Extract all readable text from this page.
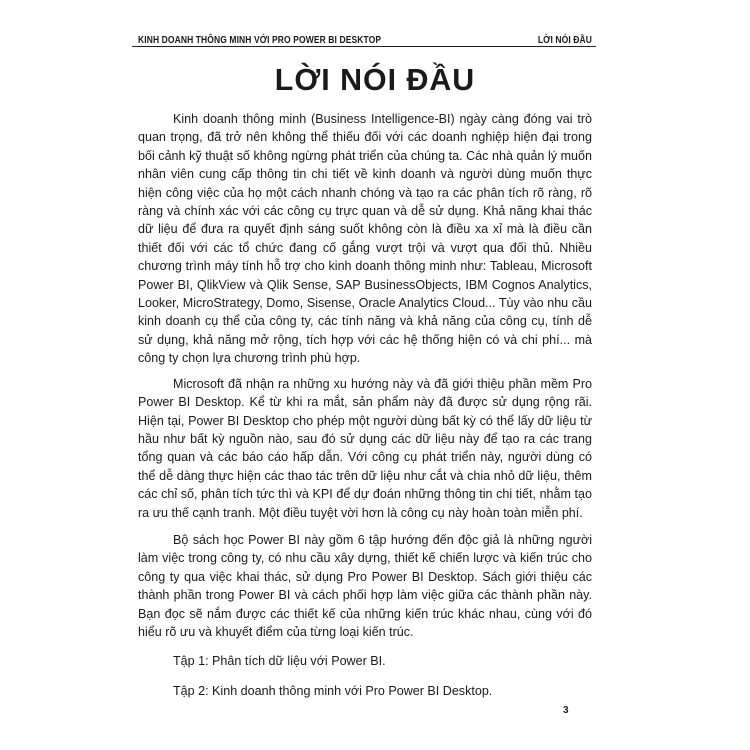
KINH DOANH THÔNG MINH VỚI PRO POWER BI DESKTOP	LỜI NÓI ĐẦU
LỜI NÓI ĐẦU

Kinh doanh thông minh (Business Intelligence-BI) ngày càng đóng vai trò quan trọng, đã trở nên không thể thiếu đối với các doanh nghiệp hiện đại trong bối cảnh kỹ thuật số không ngừng phát triển của chúng ta. Các nhà quản lý muốn nhân viên cung cấp thông tin chi tiết về kinh doanh và người dùng muốn thực hiện công việc của họ một cách nhanh chóng và tạo ra các phân tích rõ ràng, rõ ràng và chính xác với các công cụ trực quan và dễ sử dụng. Khả năng khai thác dữ liệu để đưa ra quyết định sáng suốt không còn là điều xa xỉ mà là điều cần thiết đối với các tổ chức đang cố gắng vượt trội và vượt qua đối thủ. Nhiều chương trình máy tính hỗ trợ cho kinh doanh thông minh như: Tableau, Microsoft Power BI, QlikView và Qlik Sense, SAP BusinessObjects, IBM Cognos Analytics, Looker, MicroStrategy, Domo, Sisense, Oracle Analytics Cloud... Tùy vào nhu cầu kinh doanh cụ thể của công ty, các tính năng và khả năng của công cụ, tính dễ sử dụng, khả năng mở rộng, tích hợp với các hệ thống hiện có và chi phí... mà công ty chọn lựa chương trình phù hợp.

Microsoft đã nhận ra những xu hướng này và đã giới thiệu phần mềm Pro Power BI Desktop. Kể từ khi ra mắt, sản phẩm này đã được sử dụng rộng rãi. Hiện tại, Power BI Desktop cho phép một người dùng bất kỳ có thể lấy dữ liệu từ hầu như bất kỳ nguồn nào, sau đó sử dụng các dữ liệu này để tạo ra các trang tổng quan và các báo cáo hấp dẫn. Với công cụ phát triển này, người dùng có thể dễ dàng thực hiện các thao tác trên dữ liệu như cắt và chia nhỏ dữ liệu, thêm các chỉ số, phân tích tức thì và KPI để dự đoán những thông tin chi tiết, nhằm tạo ra ưu thế cạnh tranh. Một điều tuyệt vời hơn là công cụ này hoàn toàn miễn phí.

Bộ sách học Power BI này gồm 6 tập hướng đến độc giả là những người làm việc trong công ty, có nhu cầu xây dựng, thiết kế chiến lược và kiến trúc cho công ty qua việc khai thác, sử dụng Pro Power BI Desktop. Sách giới thiệu các thành phần trong Power BI và cách phối hợp làm việc giữa các thành phần này. Bạn đọc sẽ nắm được các thiết kế của những kiến trúc khác nhau, cùng với đó hiểu rõ ưu và khuyết điểm của từng loại kiến trúc.

Tập 1: Phân tích dữ liệu với Power BI.

Tập 2: Kinh doanh thông minh với Pro Power BI Desktop.

3
